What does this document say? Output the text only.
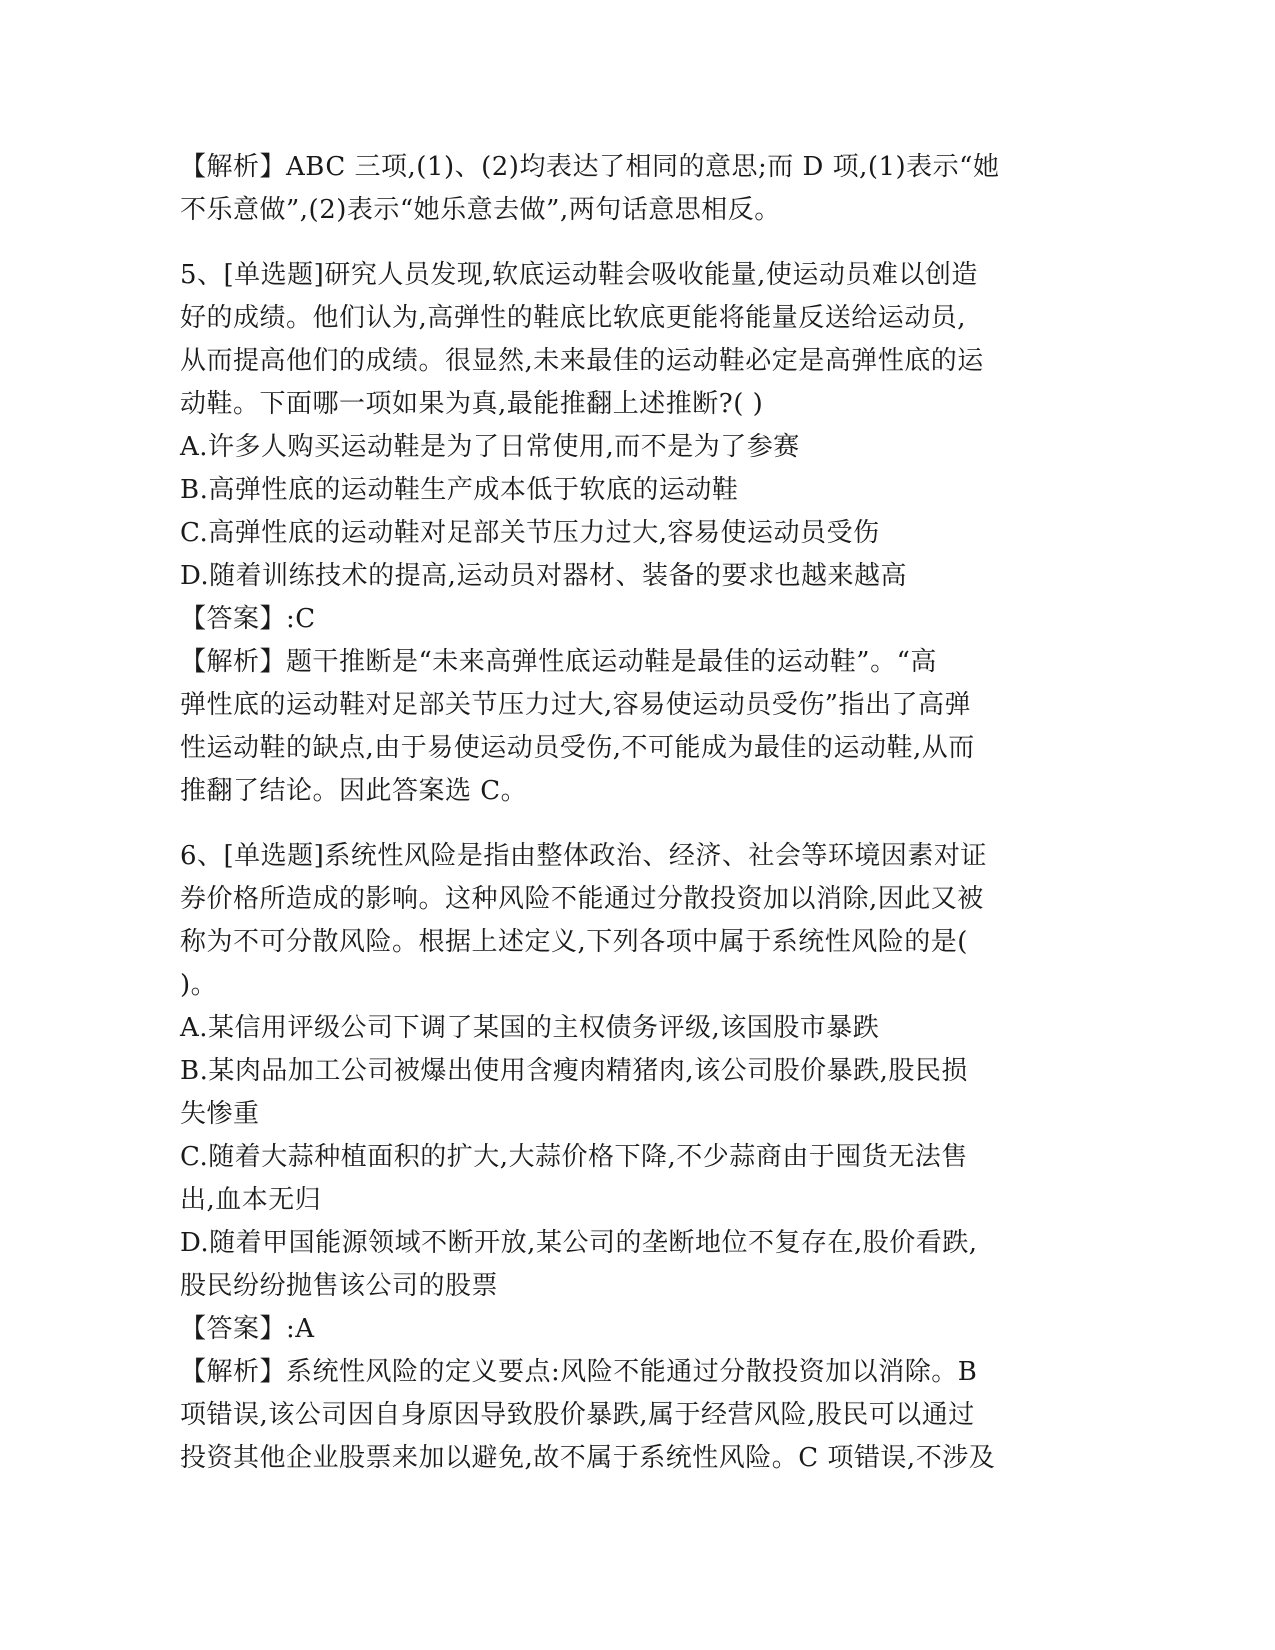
【解析】ABC 三项,(1)、(2)均表达了相同的意思;而 D 项,(1)表示“她
不乐意做”,(2)表示“她乐意去做”,两句话意思相反。
5、[单选题]研究人员发现,软底运动鞋会吸收能量,使运动员难以创造
好的成绩。他们认为,高弹性的鞋底比软底更能将能量反送给运动员,
从而提高他们的成绩。很显然,未来最佳的运动鞋必定是高弹性底的运
动鞋。下面哪一项如果为真,最能推翻上述推断?( )
A.许多人购买运动鞋是为了日常使用,而不是为了参赛
B.高弹性底的运动鞋生产成本低于软底的运动鞋
C.高弹性底的运动鞋对足部关节压力过大,容易使运动员受伤
D.随着训练技术的提高,运动员对器材、装备的要求也越来越高
【答案】:C
【解析】题干推断是“未来高弹性底运动鞋是最佳的运动鞋”。“高
弹性底的运动鞋对足部关节压力过大,容易使运动员受伤”指出了高弹
性运动鞋的缺点,由于易使运动员受伤,不可能成为最佳的运动鞋,从而
推翻了结论。因此答案选 C。
6、[单选题]系统性风险是指由整体政治、经济、社会等环境因素对证
券价格所造成的影响。这种风险不能通过分散投资加以消除,因此又被
称为不可分散风险。根据上述定义,下列各项中属于系统性风险的是(
)。
A.某信用评级公司下调了某国的主权债务评级,该国股市暴跌
B.某肉品加工公司被爆出使用含瘦肉精猪肉,该公司股价暴跌,股民损
失惨重
C.随着大蒜种植面积的扩大,大蒜价格下降,不少蒜商由于囤货无法售
出,血本无归
D.随着甲国能源领域不断开放,某公司的垄断地位不复存在,股价看跌,
股民纷纷抛售该公司的股票
【答案】:A
【解析】系统性风险的定义要点:风险不能通过分散投资加以消除。B
项错误,该公司因自身原因导致股价暴跌,属于经营风险,股民可以通过
投资其他企业股票来加以避免,故不属于系统性风险。C 项错误,不涉及
